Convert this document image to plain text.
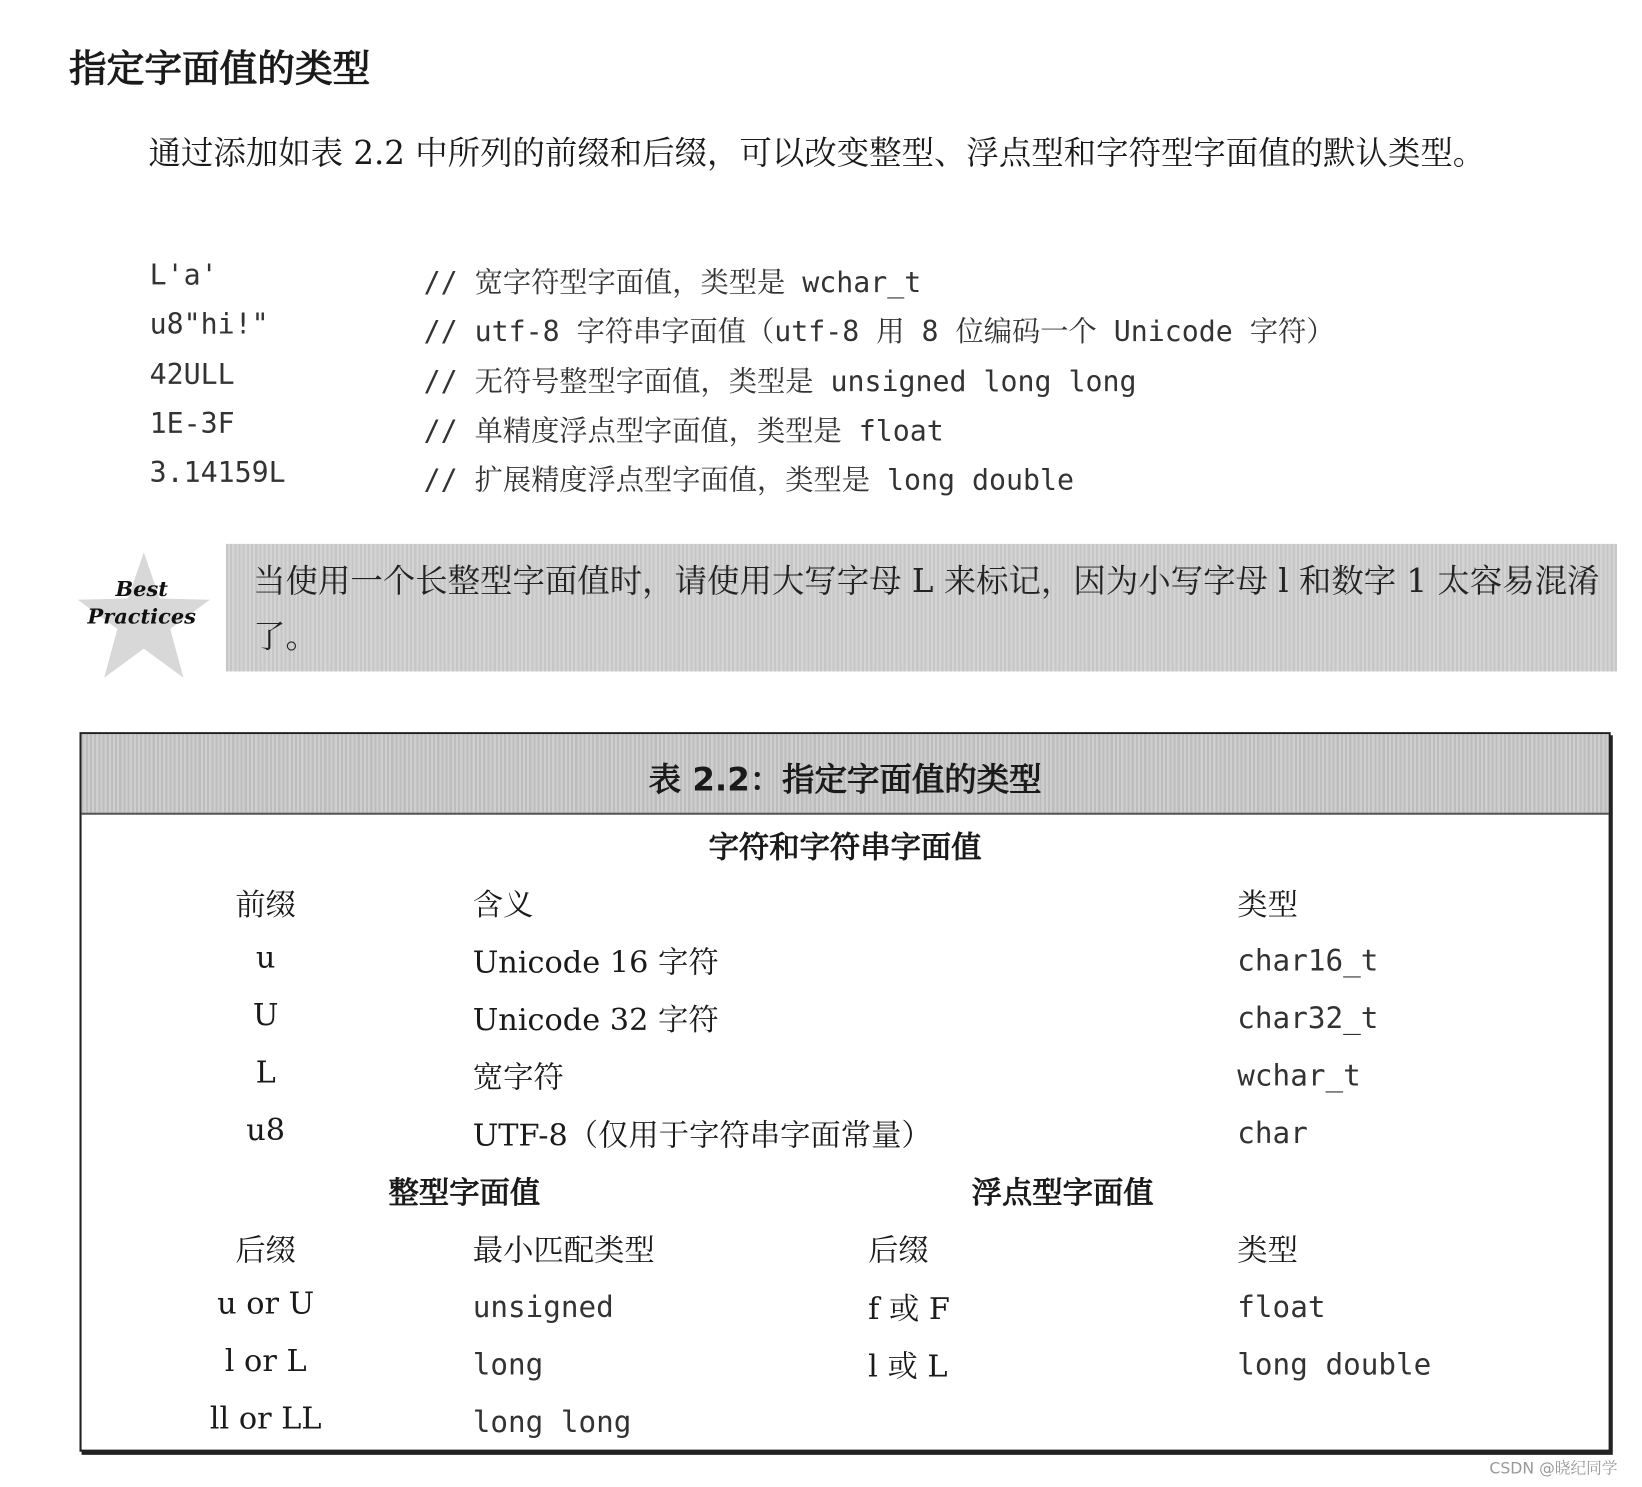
指定字面值的类型

通过添加如表 2.2 中所列的前缀和后缀，可以改变整型、浮点型和字符型字面值的默认类型。

L'a'	// 宽字符型字面值，类型是 wchar_t
u8"hi!"	// utf-8 字符串字面值（utf-8 用 8 位编码一个 Unicode 字符）
42ULL	// 无符号整型字面值，类型是 unsigned long long
1E-3F	// 单精度浮点型字面值，类型是 float
3.14159L	// 扩展精度浮点型字面值，类型是 long double
Best
Practices
当使用一个长整型字面值时，请使用大写字母 L 来标记，因为小写字母 l 和数字 1 太容易混淆了。
表 2.2：指定字面值的类型
字符和字符串字面值
前缀	含义	类型
u	Unicode 16 字符	char16_t
U	Unicode 32 字符	char32_t
L	宽字符	wchar_t
u8	UTF-8（仅用于字符串字面常量）	char
整型字面值	浮点型字面值
后缀	最小匹配类型	后缀	类型
u or U	unsigned	f 或 F	float
l or L	long	l 或 L	long double
ll or LL	long long
CSDN @晓纪同学
